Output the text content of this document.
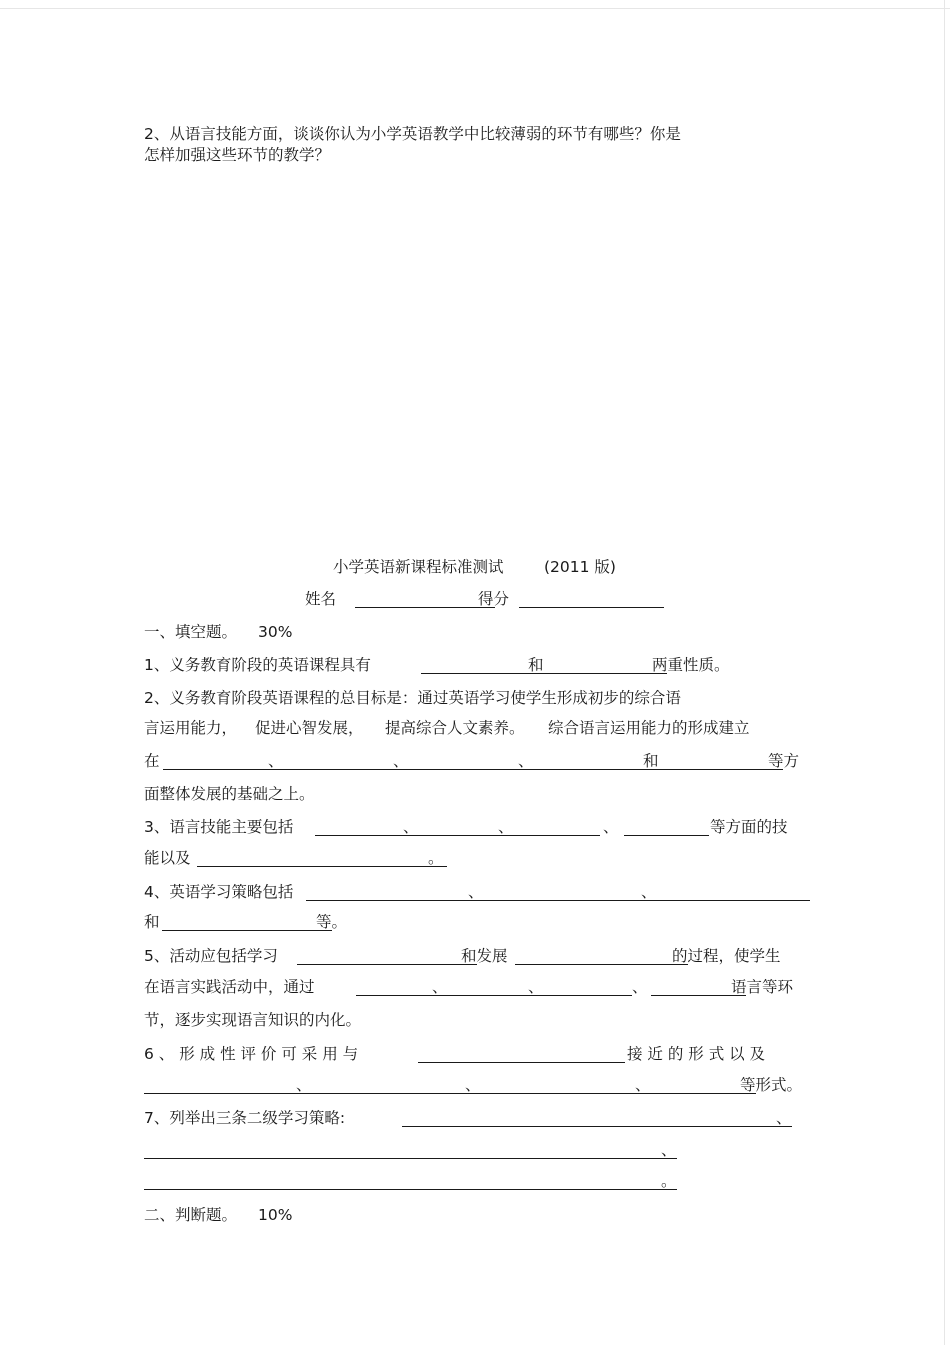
2、从语言技能方面，谈谈你认为小学英语教学中比较薄弱的环节有哪些？你是
怎样加强这些环节的教学？
小学英语新课程标准测试	(2011 版)
姓名	得分
一、填空题。 30%
1、义务教育阶段的英语课程具有	和	两重性质。
2、义务教育阶段英语课程的总目标是：通过英语学习使学生形成初步的综合语
言运用能力， 促进心智发展， 提高综合人文素养。 综合语言运用能力的形成建立
在	、	、	、	和	等方
面整体发展的基础之上。
3、语言技能主要包括	、	、	、	等方面的技
能以及	。
4、英语学习策略包括	、	、
和	等。
5、活动应包括学习	和发展	的过程，使学生
在语言实践活动中，通过	、	、	、	语言等环
节，逐步实现语言知识的内化。
6 、 形 成 性 评 价 可 采 用 与	接 近 的 形 式 以 及
、	、	、	等形式。
7、列举出三条二级学习策略:	、
、
。
二、判断题。 10%
